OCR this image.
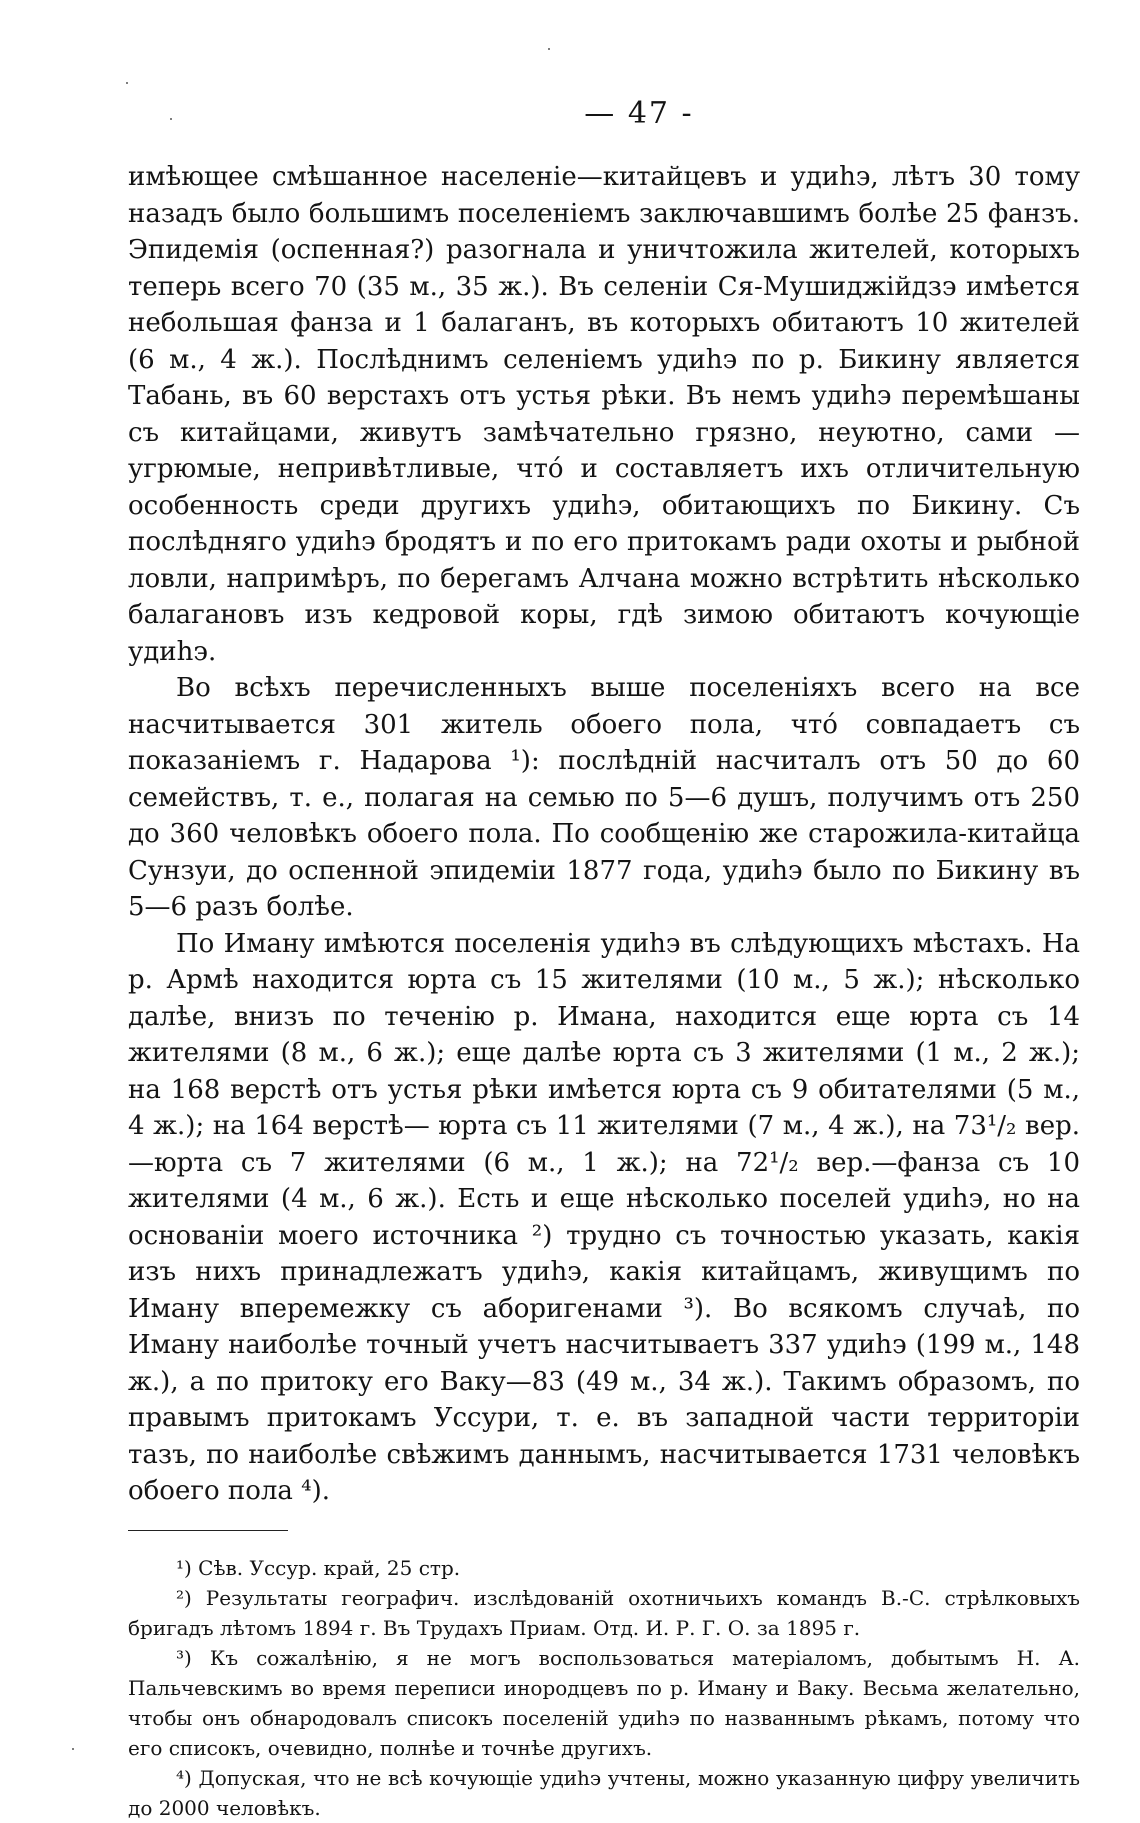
— 47 -

имѣющее смѣшанное населеніе—китайцевъ и удиhэ, лѣтъ 30 тому назадъ было большимъ поселеніемъ заключавшимъ болѣе 25 фанзъ. Эпидемія (оспенная?) разогнала и уничтожила жителей, которыхъ теперь всего 70 (35 м., 35 ж.). Въ селеніи Ся-Мушиджійдзэ имѣется небольшая фанза и 1 балаганъ, въ которыхъ обитаютъ 10 жителей (6 м., 4 ж.). Послѣднимъ селеніемъ удиhэ по р. Бикину является Табань, въ 60 верстахъ отъ устья рѣки. Въ немъ удиhэ перемѣшаны съ китайцами, живутъ замѣчательно грязно, неуютно, сами — угрюмые, непривѣтливые, чтó и составляетъ ихъ отличительную особенность среди другихъ удиhэ, обитающихъ по Бикину. Съ послѣдняго удиhэ бродятъ и по его притокамъ ради охоты и рыбной ловли, напримѣръ, по берегамъ Алчана можно встрѣтить нѣсколько балагановъ изъ кедровой коры, гдѣ зимою обитаютъ кочующіе удиhэ.

Во всѣхъ перечисленныхъ выше поселеніяхъ всего на все насчитывается 301 житель обоего пола, чтó совпадаетъ съ показаніемъ г. Надарова ¹): послѣдній насчиталъ отъ 50 до 60 семействъ, т. е., полагая на семью по 5—6 душъ, получимъ отъ 250 до 360 человѣкъ обоего пола. По сообщенію же старожила-китайца Сунзуи, до оспенной эпидеміи 1877 года, удиhэ было по Бикину въ 5—6 разъ болѣе.

По Иману имѣются поселенія удиhэ въ слѣдующихъ мѣстахъ. На р. Армѣ находится юрта съ 15 жителями (10 м., 5 ж.); нѣсколько далѣе, внизъ по теченію р. Имана, находится еще юрта съ 14 жителями (8 м., 6 ж.); еще далѣе юрта съ 3 жителями (1 м., 2 ж.); на 168 верстѣ отъ устья рѣки имѣется юрта съ 9 обитателями (5 м., 4 ж.); на 164 верстѣ— юрта съ 11 жителями (7 м., 4 ж.), на 73¹/₂ вер.—юрта съ 7 жителями (6 м., 1 ж.); на 72¹/₂ вер.—фанза съ 10 жителями (4 м., 6 ж.). Есть и еще нѣсколько поселей удиhэ, но на основаніи моего источника ²) трудно съ точностью указать, какія изъ нихъ принадлежатъ удиhэ, какія китайцамъ, живущимъ по Иману вперемежку съ аборигенами ³). Во всякомъ случаѣ, по Иману наиболѣе точный учетъ насчитываетъ 337 удиhэ (199 м., 148 ж.), а по притоку его Ваку—83 (49 м., 34 ж.). Такимъ образомъ, по правымъ притокамъ Уссури, т. е. въ западной части территоріи тазъ, по наиболѣе свѣжимъ даннымъ, насчитывается 1731 человѣкъ обоего пола ⁴).

¹) Сѣв. Уссур. край, 25 стр.

²) Результаты географич. изслѣдованій охотничьихъ командъ В.-С. стрѣлковыхъ бригадъ лѣтомъ 1894 г. Въ Трудахъ Приам. Отд. И. Р. Г. О. за 1895 г.

³) Къ сожалѣнію, я не могъ воспользоваться матеріаломъ, добытымъ Н. А. Пальчевскимъ во время переписи инородцевъ по р. Иману и Ваку. Весьма желательно, чтобы онъ обнародовалъ списокъ поселеній удиhэ по названнымъ рѣкамъ, потому что его списокъ, очевидно, полнѣе и точнѣе другихъ.

⁴) Допуская, что не всѣ кочующіе удиhэ учтены, можно указанную цифру увеличить до 2000 человѣкъ.
